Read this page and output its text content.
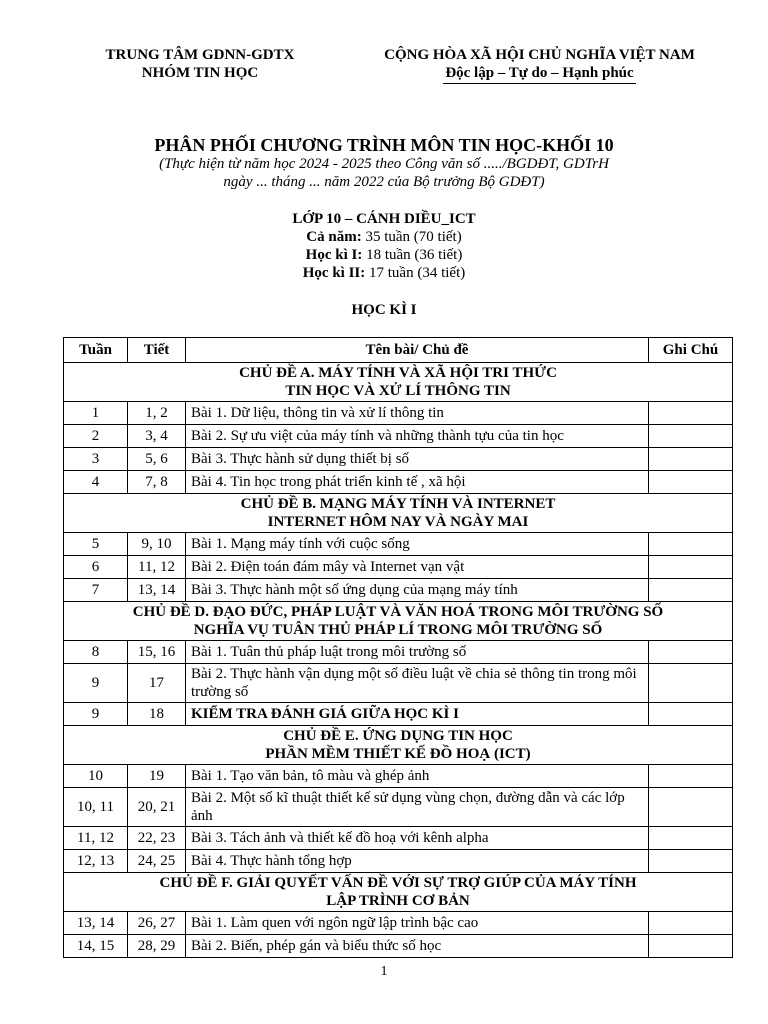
TRUNG TÂM GDNN-GDTX
NHÓM TIN HỌC
CỘNG HÒA XÃ HỘI CHỦ NGHĨA VIỆT NAM
Độc lập – Tự do – Hạnh phúc
PHÂN PHỐI CHƯƠNG TRÌNH MÔN TIN HỌC-KHỐI 10
(Thực hiện từ năm học 2024 - 2025 theo Công văn số ...../BGDĐT, GDTrH
ngày ... tháng ... năm 2022 của Bộ trưởng Bộ GDĐT)
LỚP 10 – CÁNH DIỀU_ICT
Cả năm: 35 tuần (70 tiết)
Học kì I: 18 tuần (36 tiết)
Học kì II: 17 tuần (34 tiết)
HỌC KÌ I
Tuần	Tiết	Tên bài/ Chủ đề	Ghi Chú

CHỦ ĐỀ A. MÁY TÍNH VÀ XÃ HỘI TRI THỨC
TIN HỌC VÀ XỬ LÍ THÔNG TIN			

1	1, 2	Bài 1. Dữ liệu, thông tin và xử lí thông tin	
2	3, 4	Bài 2. Sự ưu việt của máy tính và những thành tựu của tin học	
3	5, 6	Bài 3. Thực hành sử dụng thiết bị số	
4	7, 8	Bài 4. Tin học trong phát triển kinh tế , xã hội	

CHỦ ĐỀ B. MẠNG MÁY TÍNH VÀ INTERNET
INTERNET HÔM NAY VÀ NGÀY MAI			

5	9, 10	Bài 1. Mạng máy tính với cuộc sống	
6	11, 12	Bài 2. Điện toán đám mây và Internet vạn vật	
7	13, 14	Bài 3. Thực hành một số ứng dụng của mạng máy tính	

CHỦ ĐỀ D. ĐẠO ĐỨC, PHÁP LUẬT VÀ VĂN HOÁ TRONG MÔI TRƯỜNG SỐ
NGHĨA VỤ TUÂN THỦ PHÁP LÍ TRONG MÔI TRƯỜNG SỐ			

8	15, 16	Bài 1. Tuân thủ pháp luật trong môi trường số	
9	17	Bài 2. Thực hành vận dụng một số điều luật về chia sẻ thông tin trong môi trường số	
9	18	KIỂM TRA ĐÁNH GIÁ GIỮA HỌC KÌ I	

CHỦ ĐỀ E. ỨNG DỤNG TIN HỌC
PHẦN MỀM THIẾT KẾ ĐỒ HOẠ (ICT)			

10	19	Bài 1. Tạo văn bản, tô màu và ghép ảnh	
10, 11	20, 21	Bài 2. Một số kĩ thuật thiết kế sử dụng vùng chọn, đường dẫn và các lớp ảnh	
11, 12	22, 23	Bài 3. Tách ảnh và thiết kế đồ hoạ với kênh alpha	
12, 13	24, 25	Bài 4. Thực hành tổng hợp	

CHỦ ĐỀ F. GIẢI QUYẾT VẤN ĐỀ VỚI SỰ TRỢ GIÚP CỦA MÁY TÍNH
LẬP TRÌNH CƠ BẢN			

13, 14	26, 27	Bài 1. Làm quen với ngôn ngữ lập trình bậc cao	
14, 15	28, 29	Bài 2. Biến, phép gán và biểu thức số học	
1
